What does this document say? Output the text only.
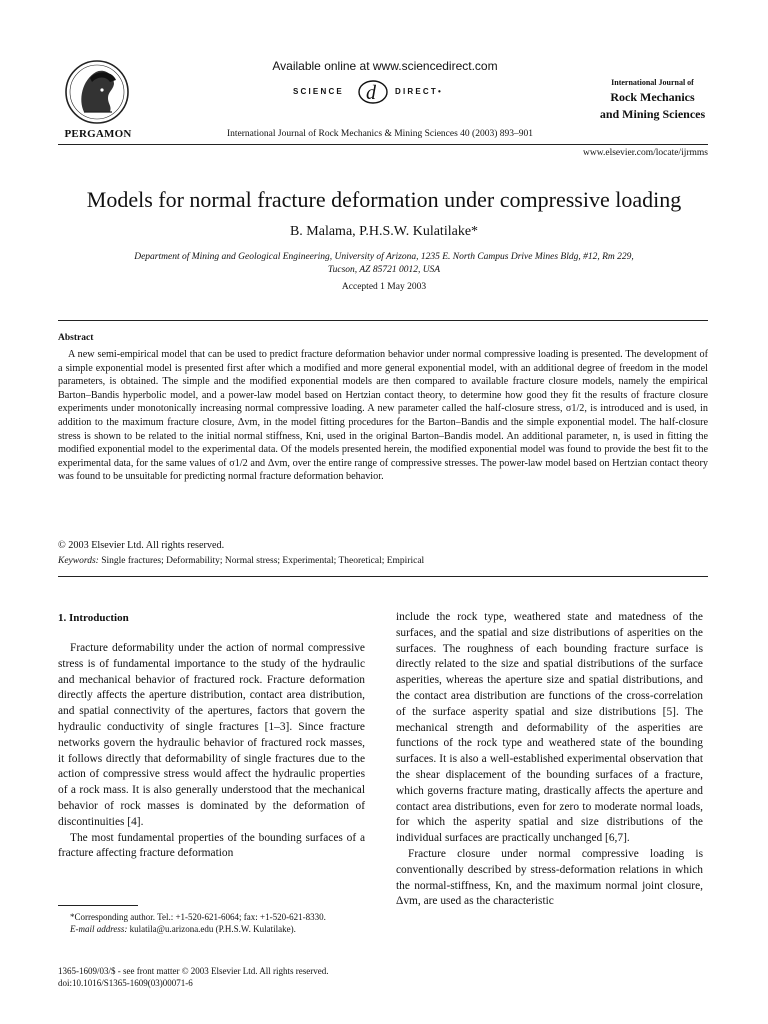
PERGAMON
Available online at www.sciencedirect.com
SCIENCE d DIRECT•
International Journal of Rock Mechanics & Mining Sciences 40 (2003) 893–901
International Journal of
Rock Mechanics
and Mining Sciences
www.elsevier.com/locate/ijrmms
Models for normal fracture deformation under compressive loading
B. Malama, P.H.S.W. Kulatilake*
Department of Mining and Geological Engineering, University of Arizona, 1235 E. North Campus Drive Mines Bldg, #12, Rm 229,
Tucson, AZ 85721 0012, USA
Accepted 1 May 2003
Abstract

A new semi-empirical model that can be used to predict fracture deformation behavior under normal compressive loading is presented. The development of a simple exponential model is presented first after which a modified and more general exponential model, with an additional degree of freedom in the model parameters, is obtained. The simple and the modified exponential models are then compared to available fracture closure models, namely the empirical Barton–Bandis hyperbolic model, and a power-law model based on Hertzian contact theory, to determine how good they fit the results of fracture closure experiments under monotonically increasing normal compressive loading. A new parameter called the half-closure stress, σ1/2, is introduced and is used, in addition to the maximum fracture closure, Δvm, in the model fitting procedures for the Barton–Bandis and the simple exponential model. The half-closure stress is shown to be related to the initial normal stiffness, Kni, used in the original Barton–Bandis model. An additional parameter, n, is used in fitting the modified exponential model to the experimental data. Of the models presented herein, the modified exponential model was found to provide the best fit to the experimental data, for the same values of σ1/2 and Δvm, over the entire range of compressive stresses. The power-law model based on Hertzian contact theory was found to be unsuitable for predicting normal fracture deformation behavior.

© 2003 Elsevier Ltd. All rights reserved.
Keywords: Single fractures; Deformability; Normal stress; Experimental; Theoretical; Empirical
1. Introduction

Fracture deformability under the action of normal compressive stress is of fundamental importance to the study of the hydraulic and mechanical behavior of fractured rock. Fracture deformation directly affects the aperture distribution, contact area distribution, and spatial connectivity of the apertures, factors that govern the hydraulic conductivity of single fractures [1–3]. Since fracture networks govern the hydraulic behavior of fractured rock masses, it follows directly that deformability of single fractures due to the action of compressive stress would affect the hydraulic properties of a rock mass. It is also generally understood that the mechanical behavior of rock masses is dominated by the deformation of discontinuities [4].

The most fundamental properties of the bounding surfaces of a fracture affecting fracture deformation

include the rock type, weathered state and matedness of the surfaces, and the spatial and size distributions of asperities on the surfaces. The roughness of each bounding fracture surface is directly related to the size and spatial distributions of the surface asperities, whereas the aperture size and spatial distributions, and the contact area distribution are functions of the cross-correlation of the surface asperity spatial and size distributions [5]. The mechanical strength and deformability of the asperities are functions of the rock type and weathered state of the bounding surfaces. It is also a well-established experimental observation that the shear displacement of the bounding surfaces of a fracture, which governs fracture mating, drastically affects the aperture and contact area distributions, even for zero to moderate normal loads, for which the asperity spatial and size distributions of the individual surfaces are practically unchanged [6,7].

Fracture closure under normal compressive loading is conventionally described by stress-deformation relations in which the normal-stiffness, Kn, and the maximum normal joint closure, Δvm, are used as the characteristic

*Corresponding author. Tel.: +1-520-621-6064; fax: +1-520-621-8330.

E-mail address: kulatila@u.arizona.edu (P.H.S.W. Kulatilake).

1365-1609/03/$ - see front matter © 2003 Elsevier Ltd. All rights reserved.
doi:10.1016/S1365-1609(03)00071-6
